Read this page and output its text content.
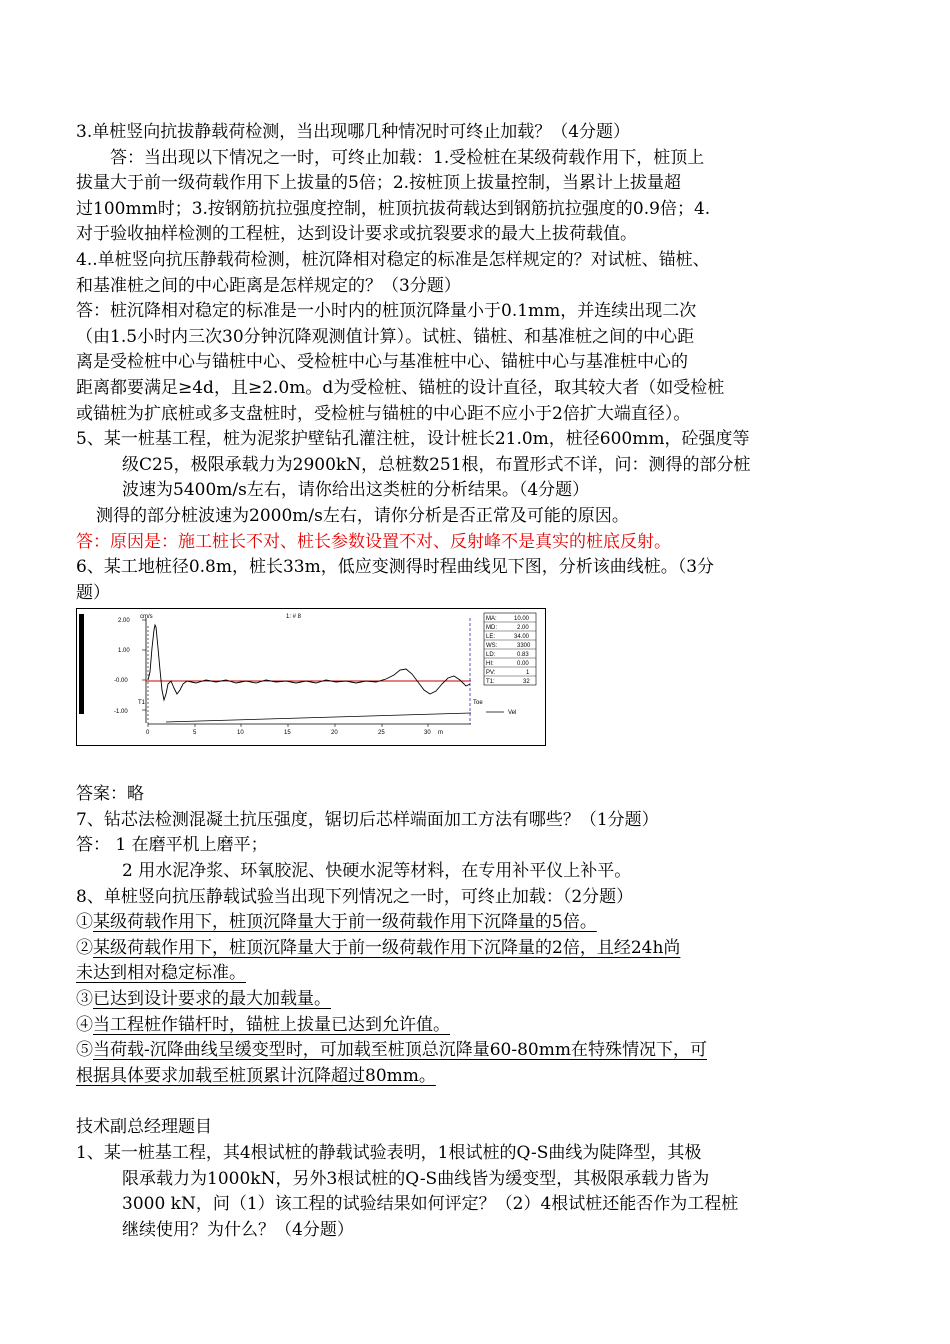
3.单桩竖向抗拔静载荷检测，当出现哪几种情况时可终止加载？（4分题）
答：当出现以下情况之一时，可终止加载：1.受检桩在某级荷载作用下，桩顶上
拔量大于前一级荷载作用下上拔量的5倍；2.按桩顶上拔量控制，当累计上拔量超
过100mm时；3.按钢筋抗拉强度控制，桩顶抗拔荷载达到钢筋抗拉强度的0.9倍；4.
对于验收抽样检测的工程桩，达到设计要求或抗裂要求的最大上拔荷载值。
4..单桩竖向抗压静载荷检测，桩沉降相对稳定的标准是怎样规定的？对试桩、锚桩、
和基准桩之间的中心距离是怎样规定的？（3分题）
答：桩沉降相对稳定的标准是一小时内的桩顶沉降量小于0.1mm，并连续出现二次
（由1.5小时内三次30分钟沉降观测值计算）。试桩、锚桩、和基准桩之间的中心距
离是受检桩中心与锚桩中心、受检桩中心与基准桩中心、锚桩中心与基准桩中心的
距离都要满足≥4d，且≥2.0m。d为受检桩、锚桩的设计直径，取其较大者（如受检桩
或锚桩为扩底桩或多支盘桩时，受检桩与锚桩的中心距不应小于2倍扩大端直径）。
5、某一桩基工程，桩为泥浆护壁钻孔灌注桩，设计桩长21.0m，桩径600mm，砼强度等
级C25，极限承载力为2900kN，总桩数251根，布置形式不详，问：测得的部分桩
波速为5400m/s左右，请你给出这类桩的分析结果。（4分题）
测得的部分桩波速为2000m/s左右，请你分析是否正常及可能的原因。
答：原因是：施工桩长不对、桩长参数设置不对、反射峰不是真实的桩底反射。
6、某工地桩径0.8m，桩长33m，低应变测得时程曲线见下图，分析该曲线桩。（3分
题）
cm/s	1: # 8
2.00
1.00
-0.00
-1.00
T1	Toe
0	5	10	15	20	25	30 m
MA:	10.00
MD:	2.00
LE:	34.00
WS:	3300
LD:	0.83
HI:	0.00
PV:	1
T1:	32
Vel
答案：略
7、钻芯法检测混凝土抗压强度，锯切后芯样端面加工方法有哪些？（1分题）
答： 1 在磨平机上磨平；
2 用水泥净浆、环氧胶泥、快硬水泥等材料，在专用补平仪上补平。
8、单桩竖向抗压静载试验当出现下列情况之一时，可终止加载：（2分题）
①某级荷载作用下，桩顶沉降量大于前一级荷载作用下沉降量的5倍。
②某级荷载作用下，桩顶沉降量大于前一级荷载作用下沉降量的2倍，且经24h尚
未达到相对稳定标准。
③已达到设计要求的最大加载量。
④当工程桩作锚杆时，锚桩上拔量已达到允许值。
⑤当荷载-沉降曲线呈缓变型时，可加载至桩顶总沉降量60-80mm在特殊情况下，可
根据具体要求加载至桩顶累计沉降超过80mm。
技术副总经理题目
1、某一桩基工程，其4根试桩的静载试验表明，1根试桩的Q-S曲线为陡降型，其极
限承载力为1000kN，另外3根试桩的Q-S曲线皆为缓变型，其极限承载力皆为
3000 kN，问（1）该工程的试验结果如何评定？（2）4根试桩还能否作为工程桩
继续使用？为什么？（4分题）
